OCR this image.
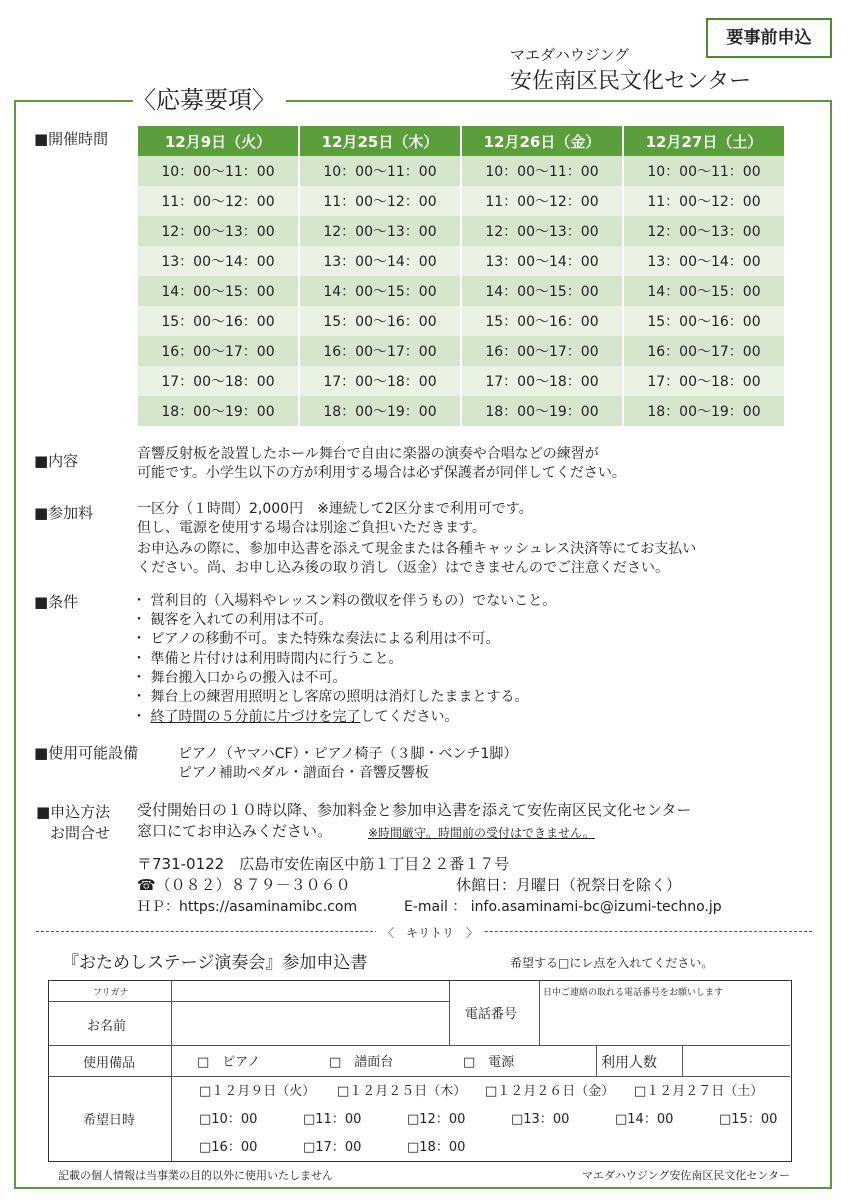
要事前申込
マエダハウジング
安佐南区民文化センター
〈応募要項〉
■開催時間	12月9日（火）	12月25日（木）	12月26日（金）	12月27日（土）
10：00～11：00	10：00～11：00	10：00～11：00	10：00～11：00
11：00～12：00	11：00～12：00	11：00～12：00	11：00～12：00
12：00～13：00	12：00～13：00	12：00～13：00	12：00～13：00
13：00～14：00	13：00～14：00	13：00～14：00	13：00～14：00
14：00～15：00	14：00～15：00	14：00～15：00	14：00～15：00
15：00～16：00	15：00～16：00	15：00～16：00	15：00～16：00
16：00～17：00	16：00～17：00	16：00～17：00	16：00～17：00
17：00～18：00	17：00～18：00	17：00～18：00	17：00～18：00
18：00～19：00	18：00～19：00	18：00～19：00	18：00～19：00
■内容	音響反射板を設置したホール舞台で自由に楽器の演奏や合唱などの練習が
可能です。小学生以下の方が利用する場合は必ず保護者が同伴してください。
■参加料	一区分（１時間）2,000円　※連続して2区分まで利用可です。
但し、電源を使用する場合は別途ご負担いただきます。
お申込みの際に、参加申込書を添えて現金または各種キャッシュレス決済等にてお支払い
ください。尚、お申し込み後の取り消し（返金）はできませんのでご注意ください。
■条件	・ 営利目的（入場料やレッスン料の徴収を伴うもの）でないこと。
・ 観客を入れての利用は不可。
・ ピアノの移動不可。また特殊な奏法による利用は不可。
・ 準備と片付けは利用時間内に行うこと。
・ 舞台搬入口からの搬入は不可。
・ 舞台上の練習用照明とし客席の照明は消灯したままとする。
・ 終了時間の５分前に片づけを完了してください。
■使用可能設備	ピアノ（ヤマハCF）・ピアノ椅子（３脚・ベンチ1脚）
ピアノ補助ペダル・譜面台・音響反響板
■申込方法
お問合せ
受付開始日の１０時以降、参加料金と参加申込書を添えて安佐南区民文化センター
窓口にてお申込みください。	※時間厳守。時間前の受付はできません。
〒731-0122　広島市安佐南区中筋１丁目２２番１７号
☎（０８２）８７９－３０６０	休館日：月曜日（祝祭日を除く）
ＨＰ：https://asaminamibc.com	E-mail ： info.asaminami-bc@izumi-techno.jp
〈　キリトリ　〉
『おためしステージ演奏会』参加申込書	希望する□にレ点を入れてください。
フリガナ
お名前
電話番号
日中ご連絡の取れる電話番号をお願いします
使用備品	□　ピアノ	□　譜面台	□　電源	利用人数
希望日時
□１２月９日（火） □１２月２５日（木） □１２月２６日（金） □１２月２７日（土）
□10：00	□11：00	□12：00	□13：00	□14：00	□15：00
□16：00	□17：00	□18：00
記載の個人情報は当事業の目的以外に使用いたしません	マエダハウジング安佐南区民文化センター
